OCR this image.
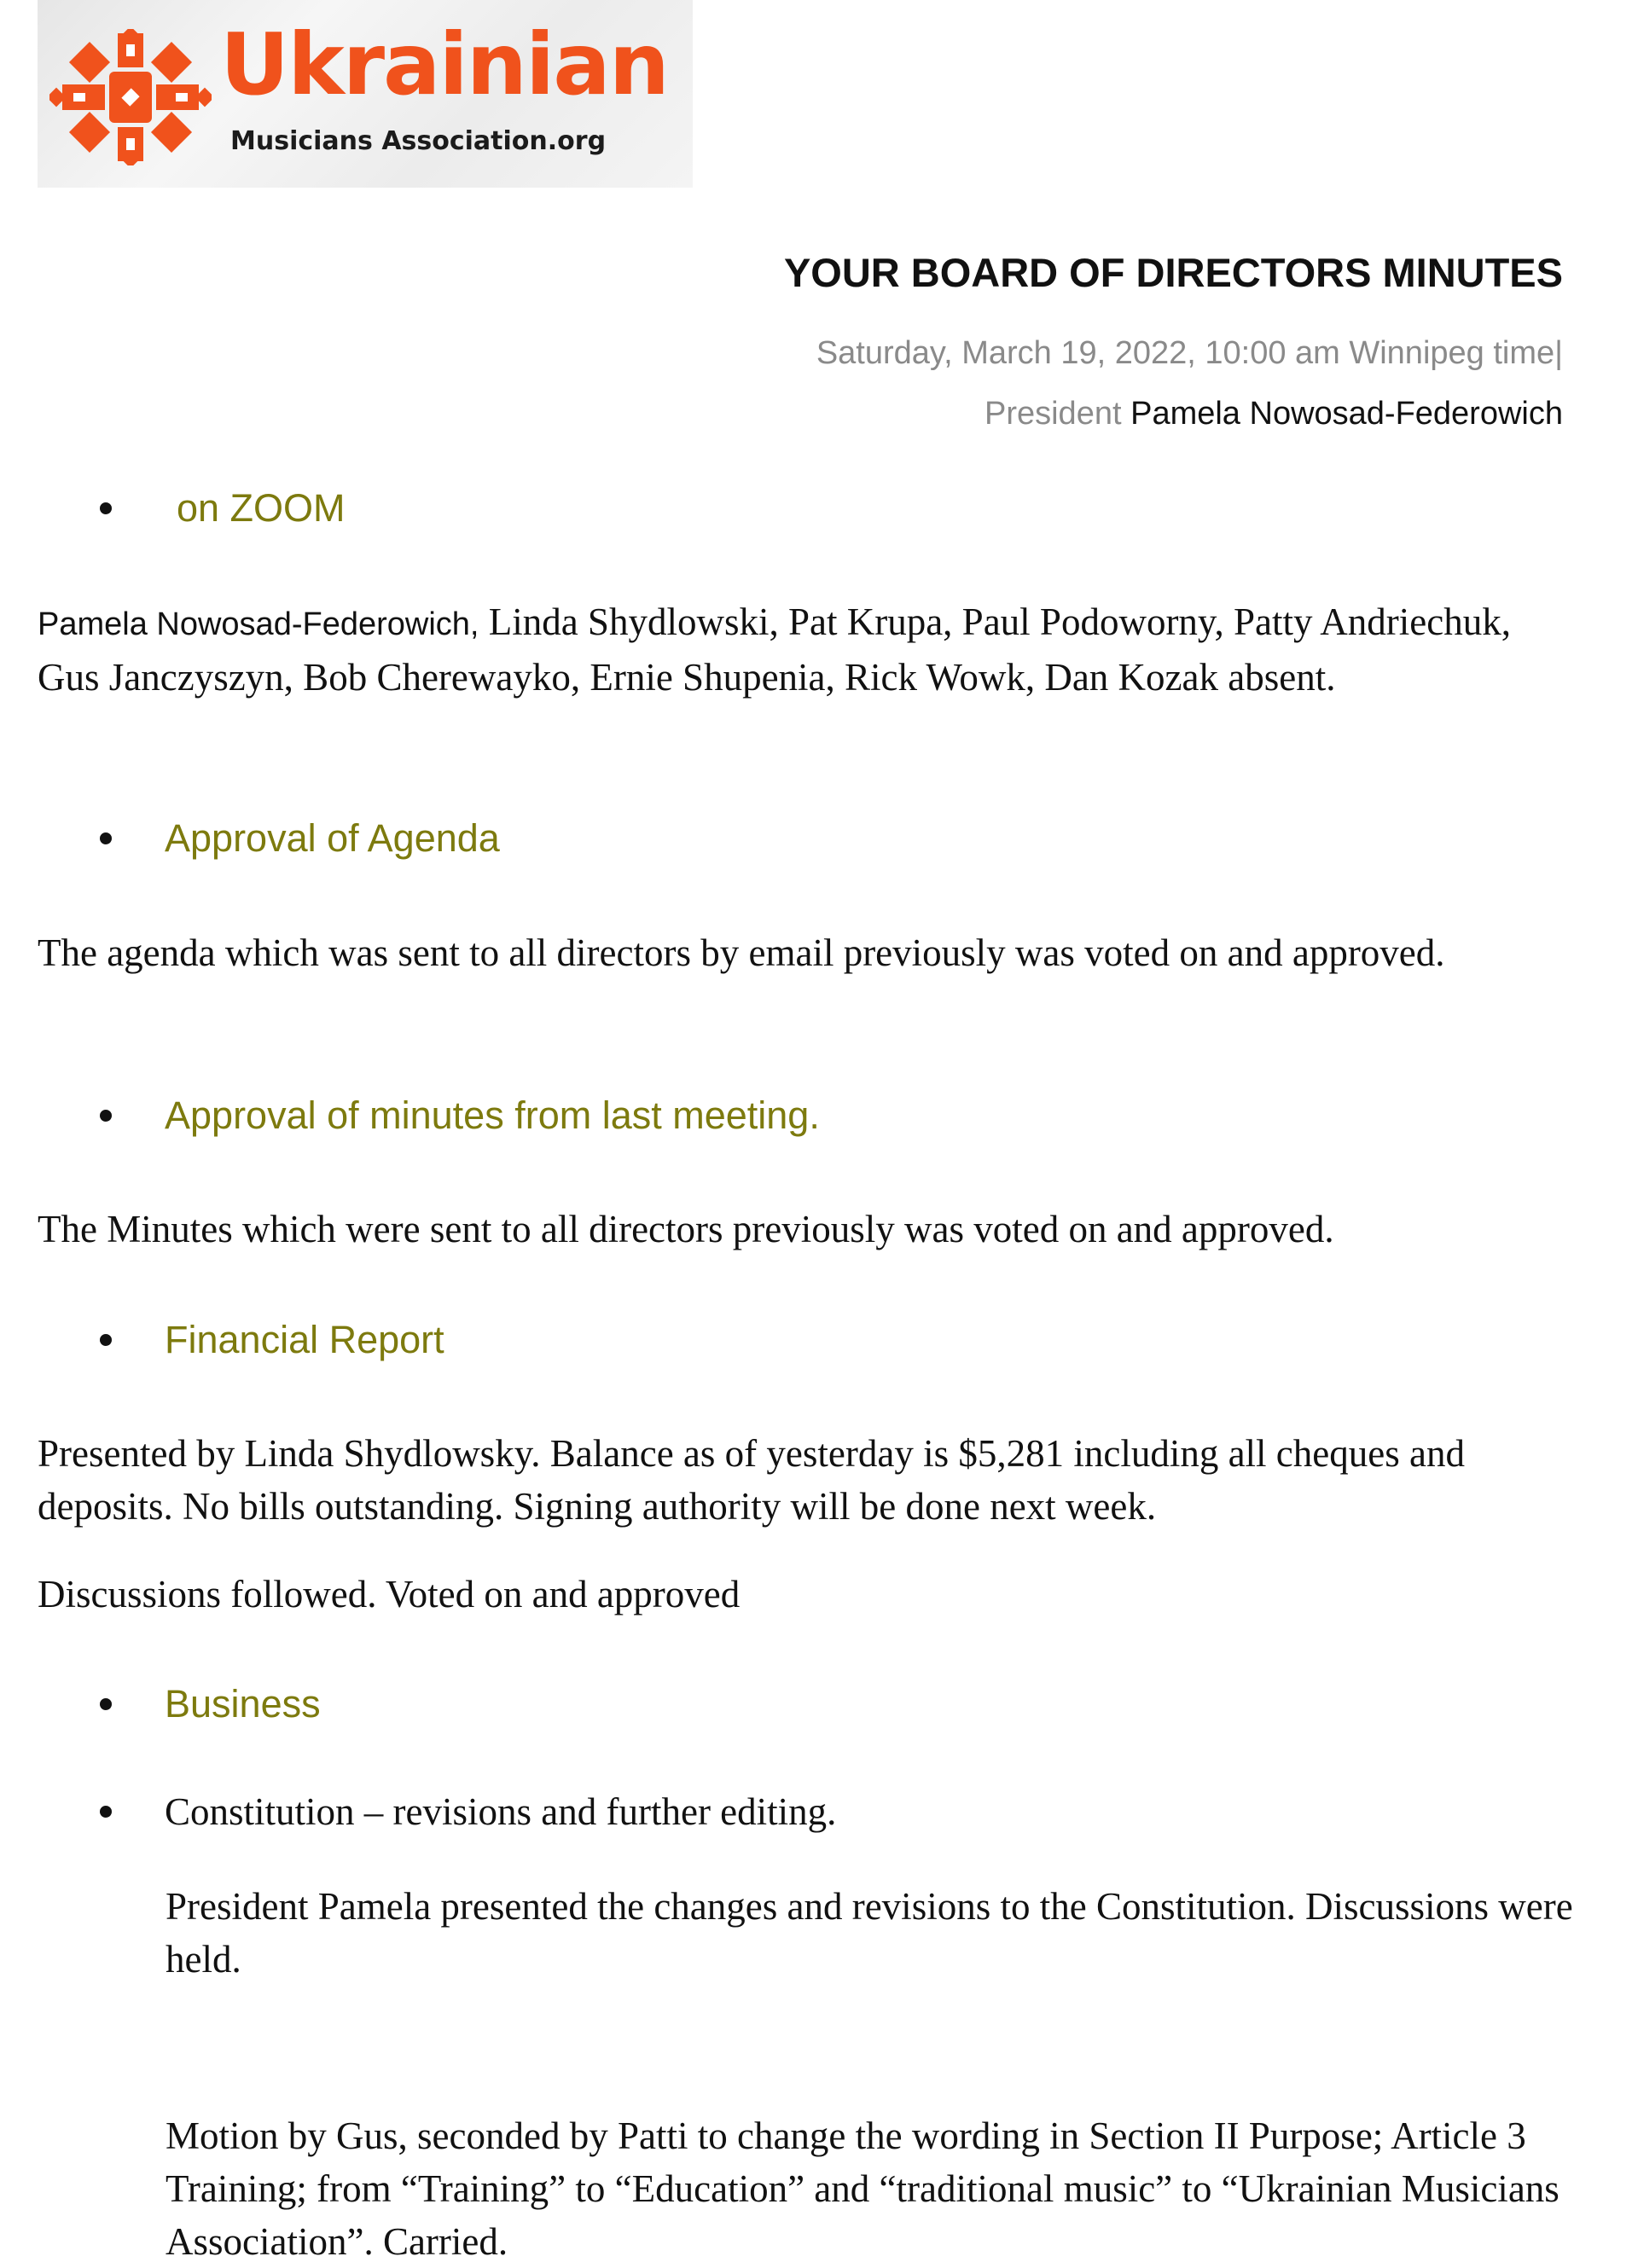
Ukrainian
Musicians Association.org
YOUR BOARD OF DIRECTORS MINUTES
Saturday, March 19, 2022, 10:00 am Winnipeg time|
President Pamela Nowosad-Federowich
on ZOOM
Pamela Nowosad-Federowich, Linda Shydlowski, Pat Krupa, Paul Podoworny, Patty Andriechuk, Gus Janczyszyn, Bob Cherewayko, Ernie Shupenia, Rick Wowk, Dan Kozak absent.
Approval of Agenda
The agenda which was sent to all directors by email previously was voted on and approved.
Approval of minutes from last meeting.
The Minutes which were sent to all directors previously was voted on and approved.
Financial Report
Presented by Linda Shydlowsky. Balance as of yesterday is $5,281 including all cheques and deposits. No bills outstanding. Signing authority will be done next week.
Discussions followed. Voted on and approved
Business
Constitution – revisions and further editing.
President Pamela presented the changes and revisions to the Constitution. Discussions were held.
Motion by Gus, seconded by Patti to change the wording in Section II Purpose; Article 3 Training; from “Training” to “Education” and “traditional music” to “Ukrainian Musicians Association”. Carried.
